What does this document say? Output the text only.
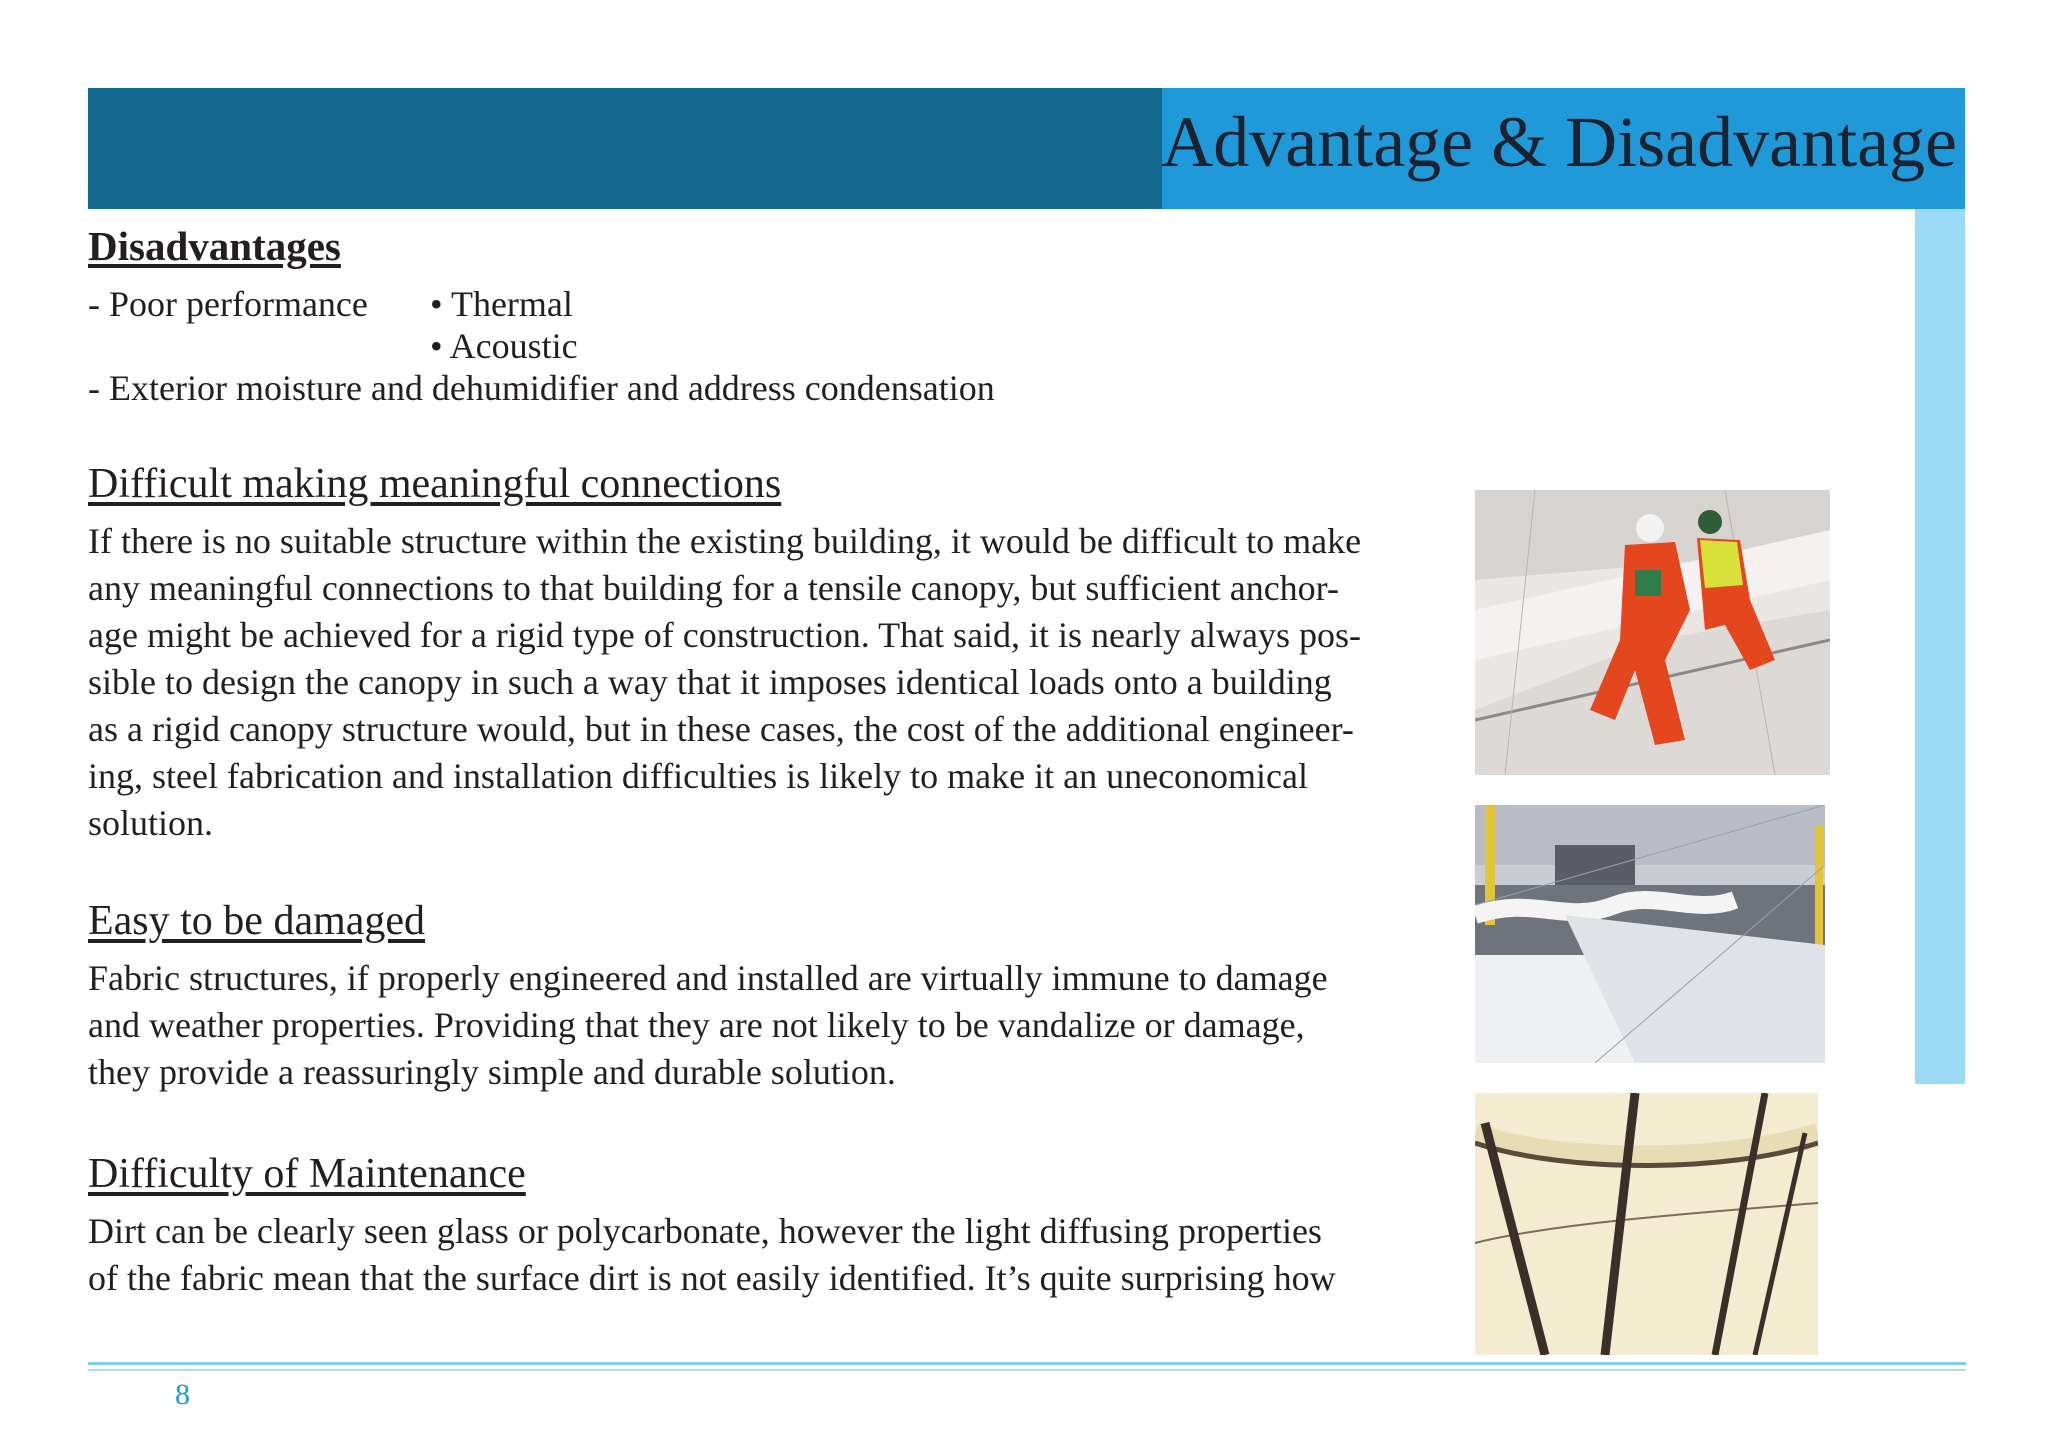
Advantage & Disadvantage
Disadvantages
- Poor performance
•	Thermal
• Acoustic
- Exterior moisture and dehumidifier and address condensation
Difficult making meaningful connections
If there is no suitable structure within the existing building, it would be difficult to make
any meaningful connections to that building for a tensile canopy, but sufficient anchor-
age might be achieved for a rigid type of construction. That said, it is nearly always pos-
sible to design the canopy in such a way that it imposes identical loads onto a building
as a rigid canopy structure would, but in these cases, the cost of the additional engineer-
ing, steel fabrication and installation difficulties is likely to make it an uneconomical
solution.
Easy to be damaged
Fabric structures, if properly engineered and installed are virtually immune to damage
and weather properties. Providing that they are not likely to be vandalize or damage,
they provide a reassuringly simple and durable solution.
Difficulty of Maintenance
Dirt can be clearly seen glass or polycarbonate, however the light diffusing properties
of the fabric mean that the surface dirt is not easily identified. It’s quite surprising how
8
